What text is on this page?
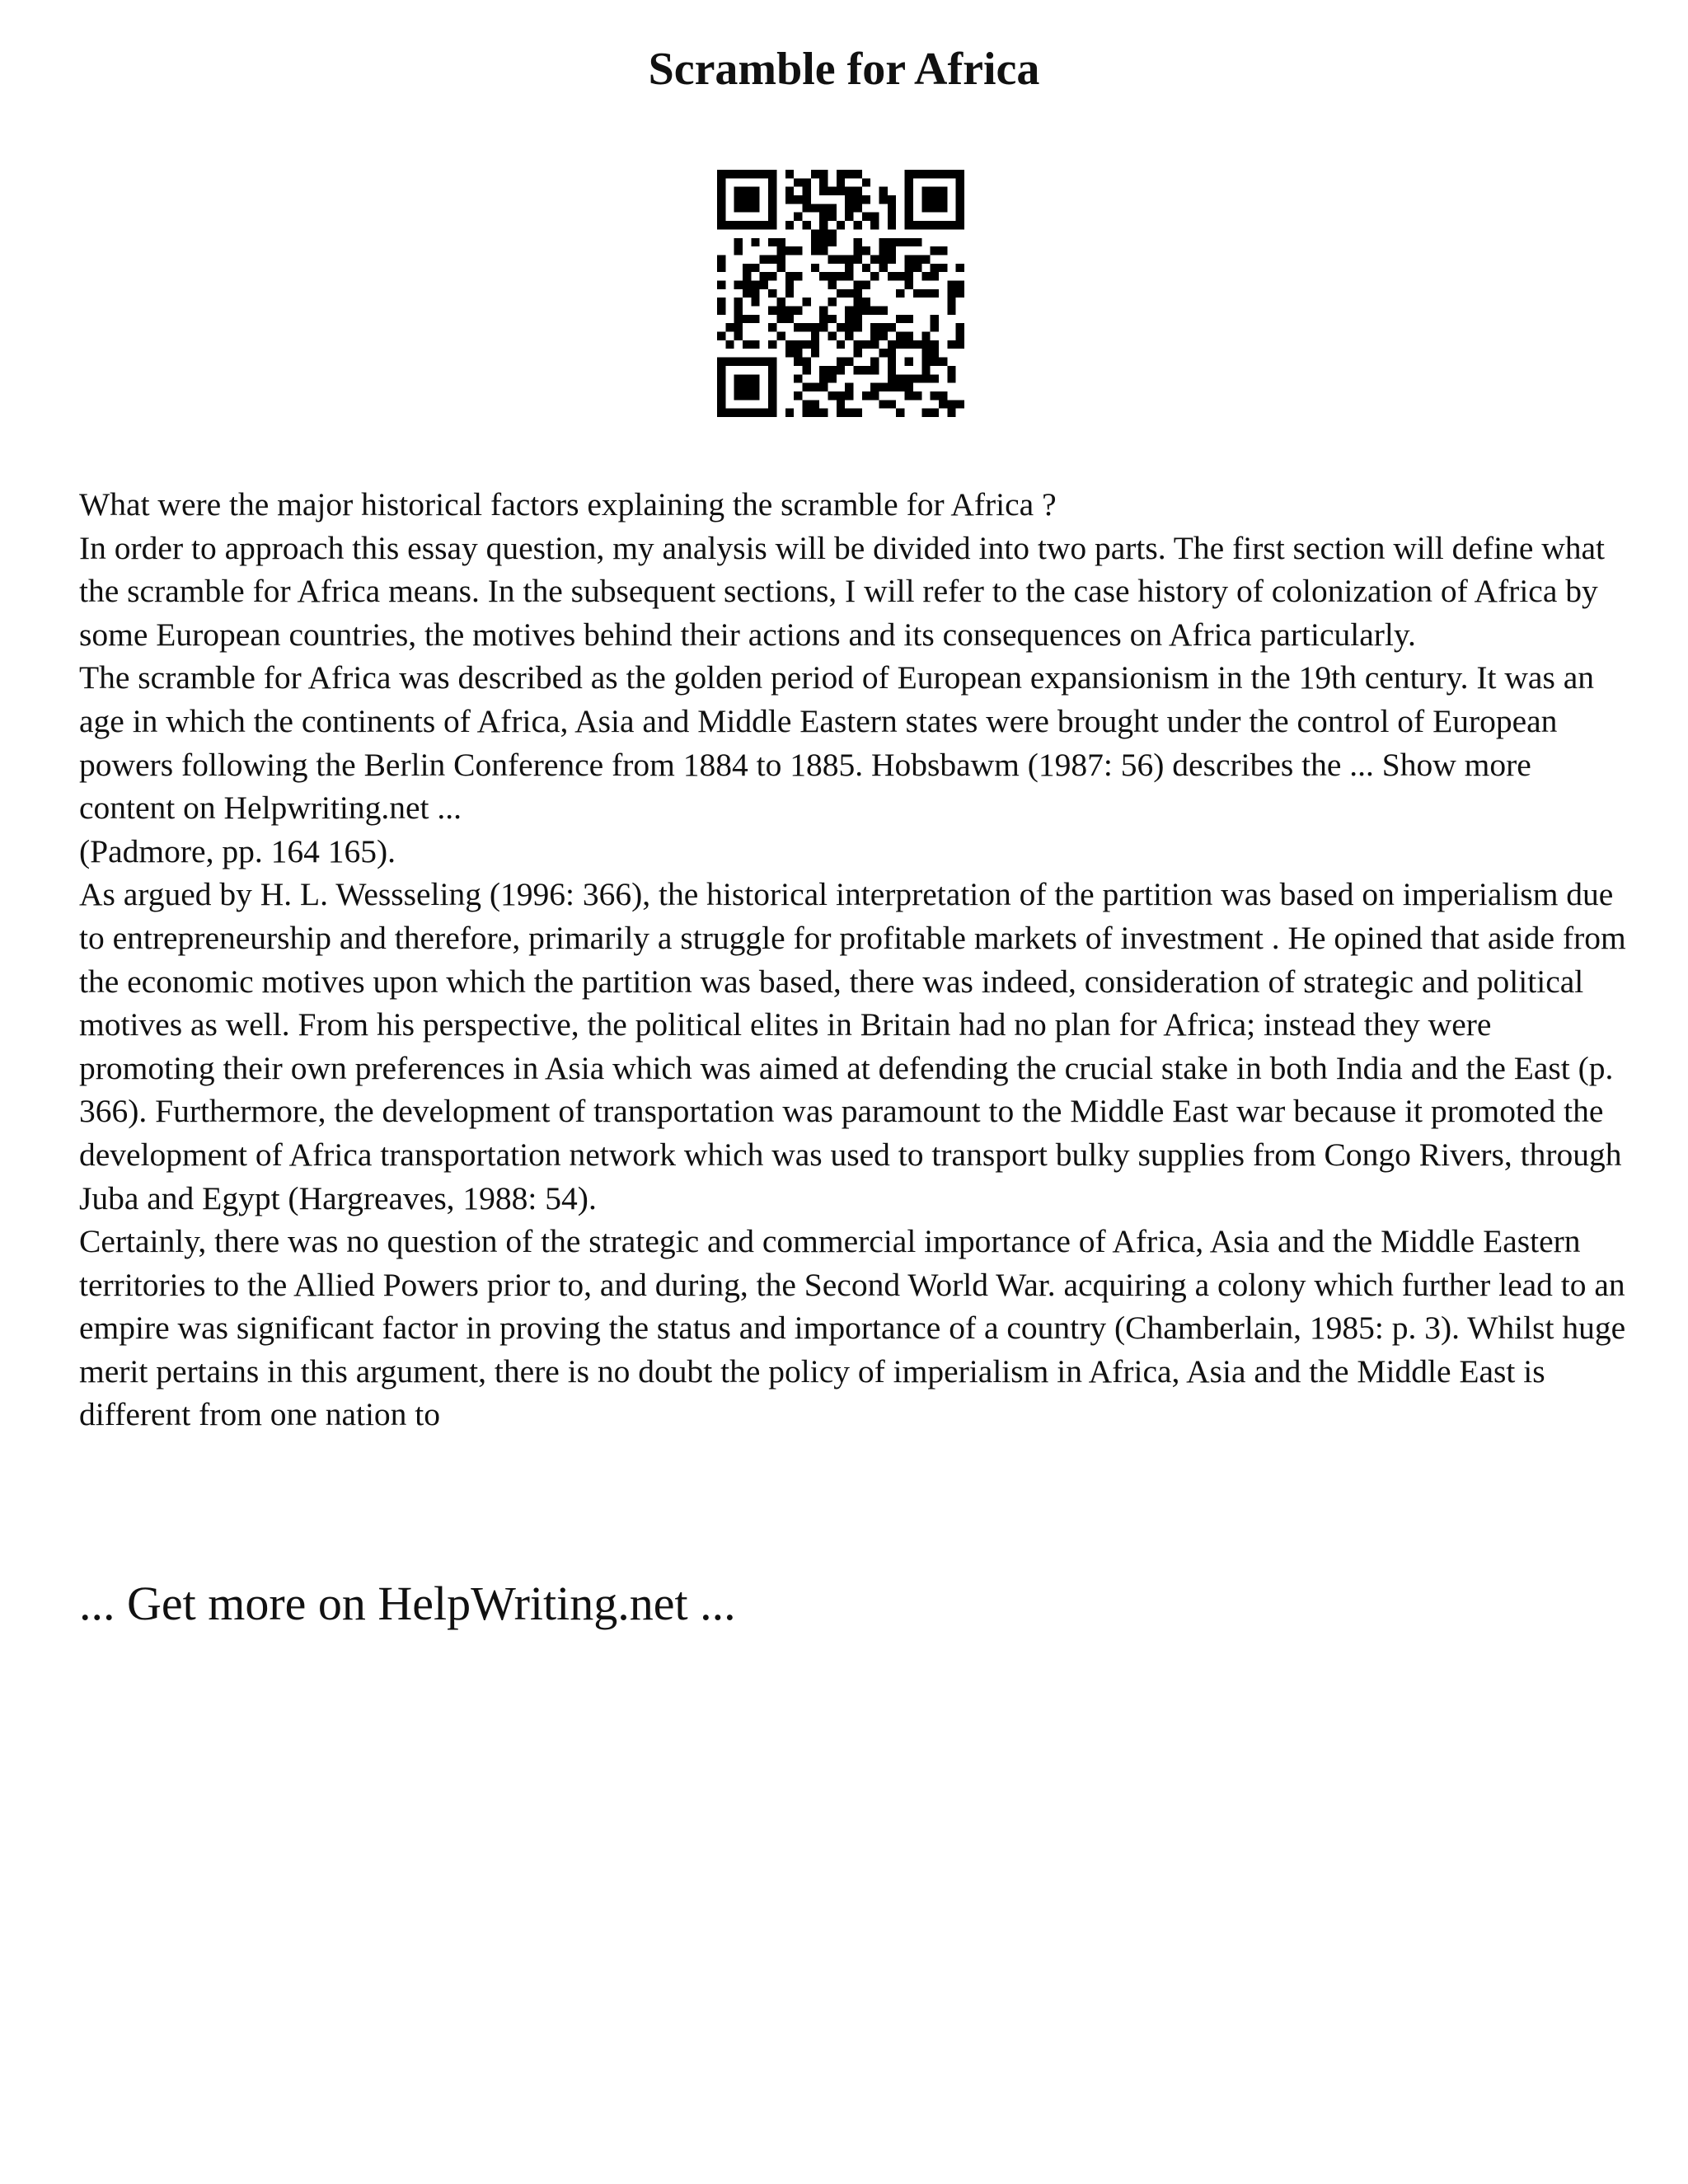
Scramble for Africa

What were the major historical factors explaining the scramble for Africa ?

In order to approach this essay question, my analysis will be divided into two parts. The first section will define what the scramble for Africa means. In the subsequent sections, I will refer to the case history of colonization of Africa by some European countries, the motives behind their actions and its consequences on Africa particularly.

The scramble for Africa was described as the golden period of European expansionism in the 19th century. It was an age in which the continents of Africa, Asia and Middle Eastern states were brought under the control of European powers following the Berlin Conference from 1884 to 1885. Hobsbawm (1987: 56) describes the ... Show more content on Helpwriting.net ...

(Padmore, pp. 164 165).

As argued by H. L. Wessseling (1996: 366), the historical interpretation of the partition was based on imperialism due to entrepreneurship and therefore, primarily a struggle for profitable markets of investment . He opined that aside from the economic motives upon which the partition was based, there was indeed, consideration of strategic and political motives as well. From his perspective, the political elites in Britain had no plan for Africa; instead they were promoting their own preferences in Asia which was aimed at defending the crucial stake in both India and the East (p. 366). Furthermore, the development of transportation was paramount to the Middle East war because it promoted the development of Africa transportation network which was used to transport bulky supplies from Congo Rivers, through Juba and Egypt (Hargreaves, 1988: 54).

Certainly, there was no question of the strategic and commercial importance of Africa, Asia and the Middle Eastern territories to the Allied Powers prior to, and during, the Second World War. acquiring a colony which further lead to an empire was significant factor in proving the status and importance of a country (Chamberlain, 1985: p. 3). Whilst huge merit pertains in this argument, there is no doubt the policy of imperialism in Africa, Asia and the Middle East is different from one nation to

... Get more on HelpWriting.net ...
